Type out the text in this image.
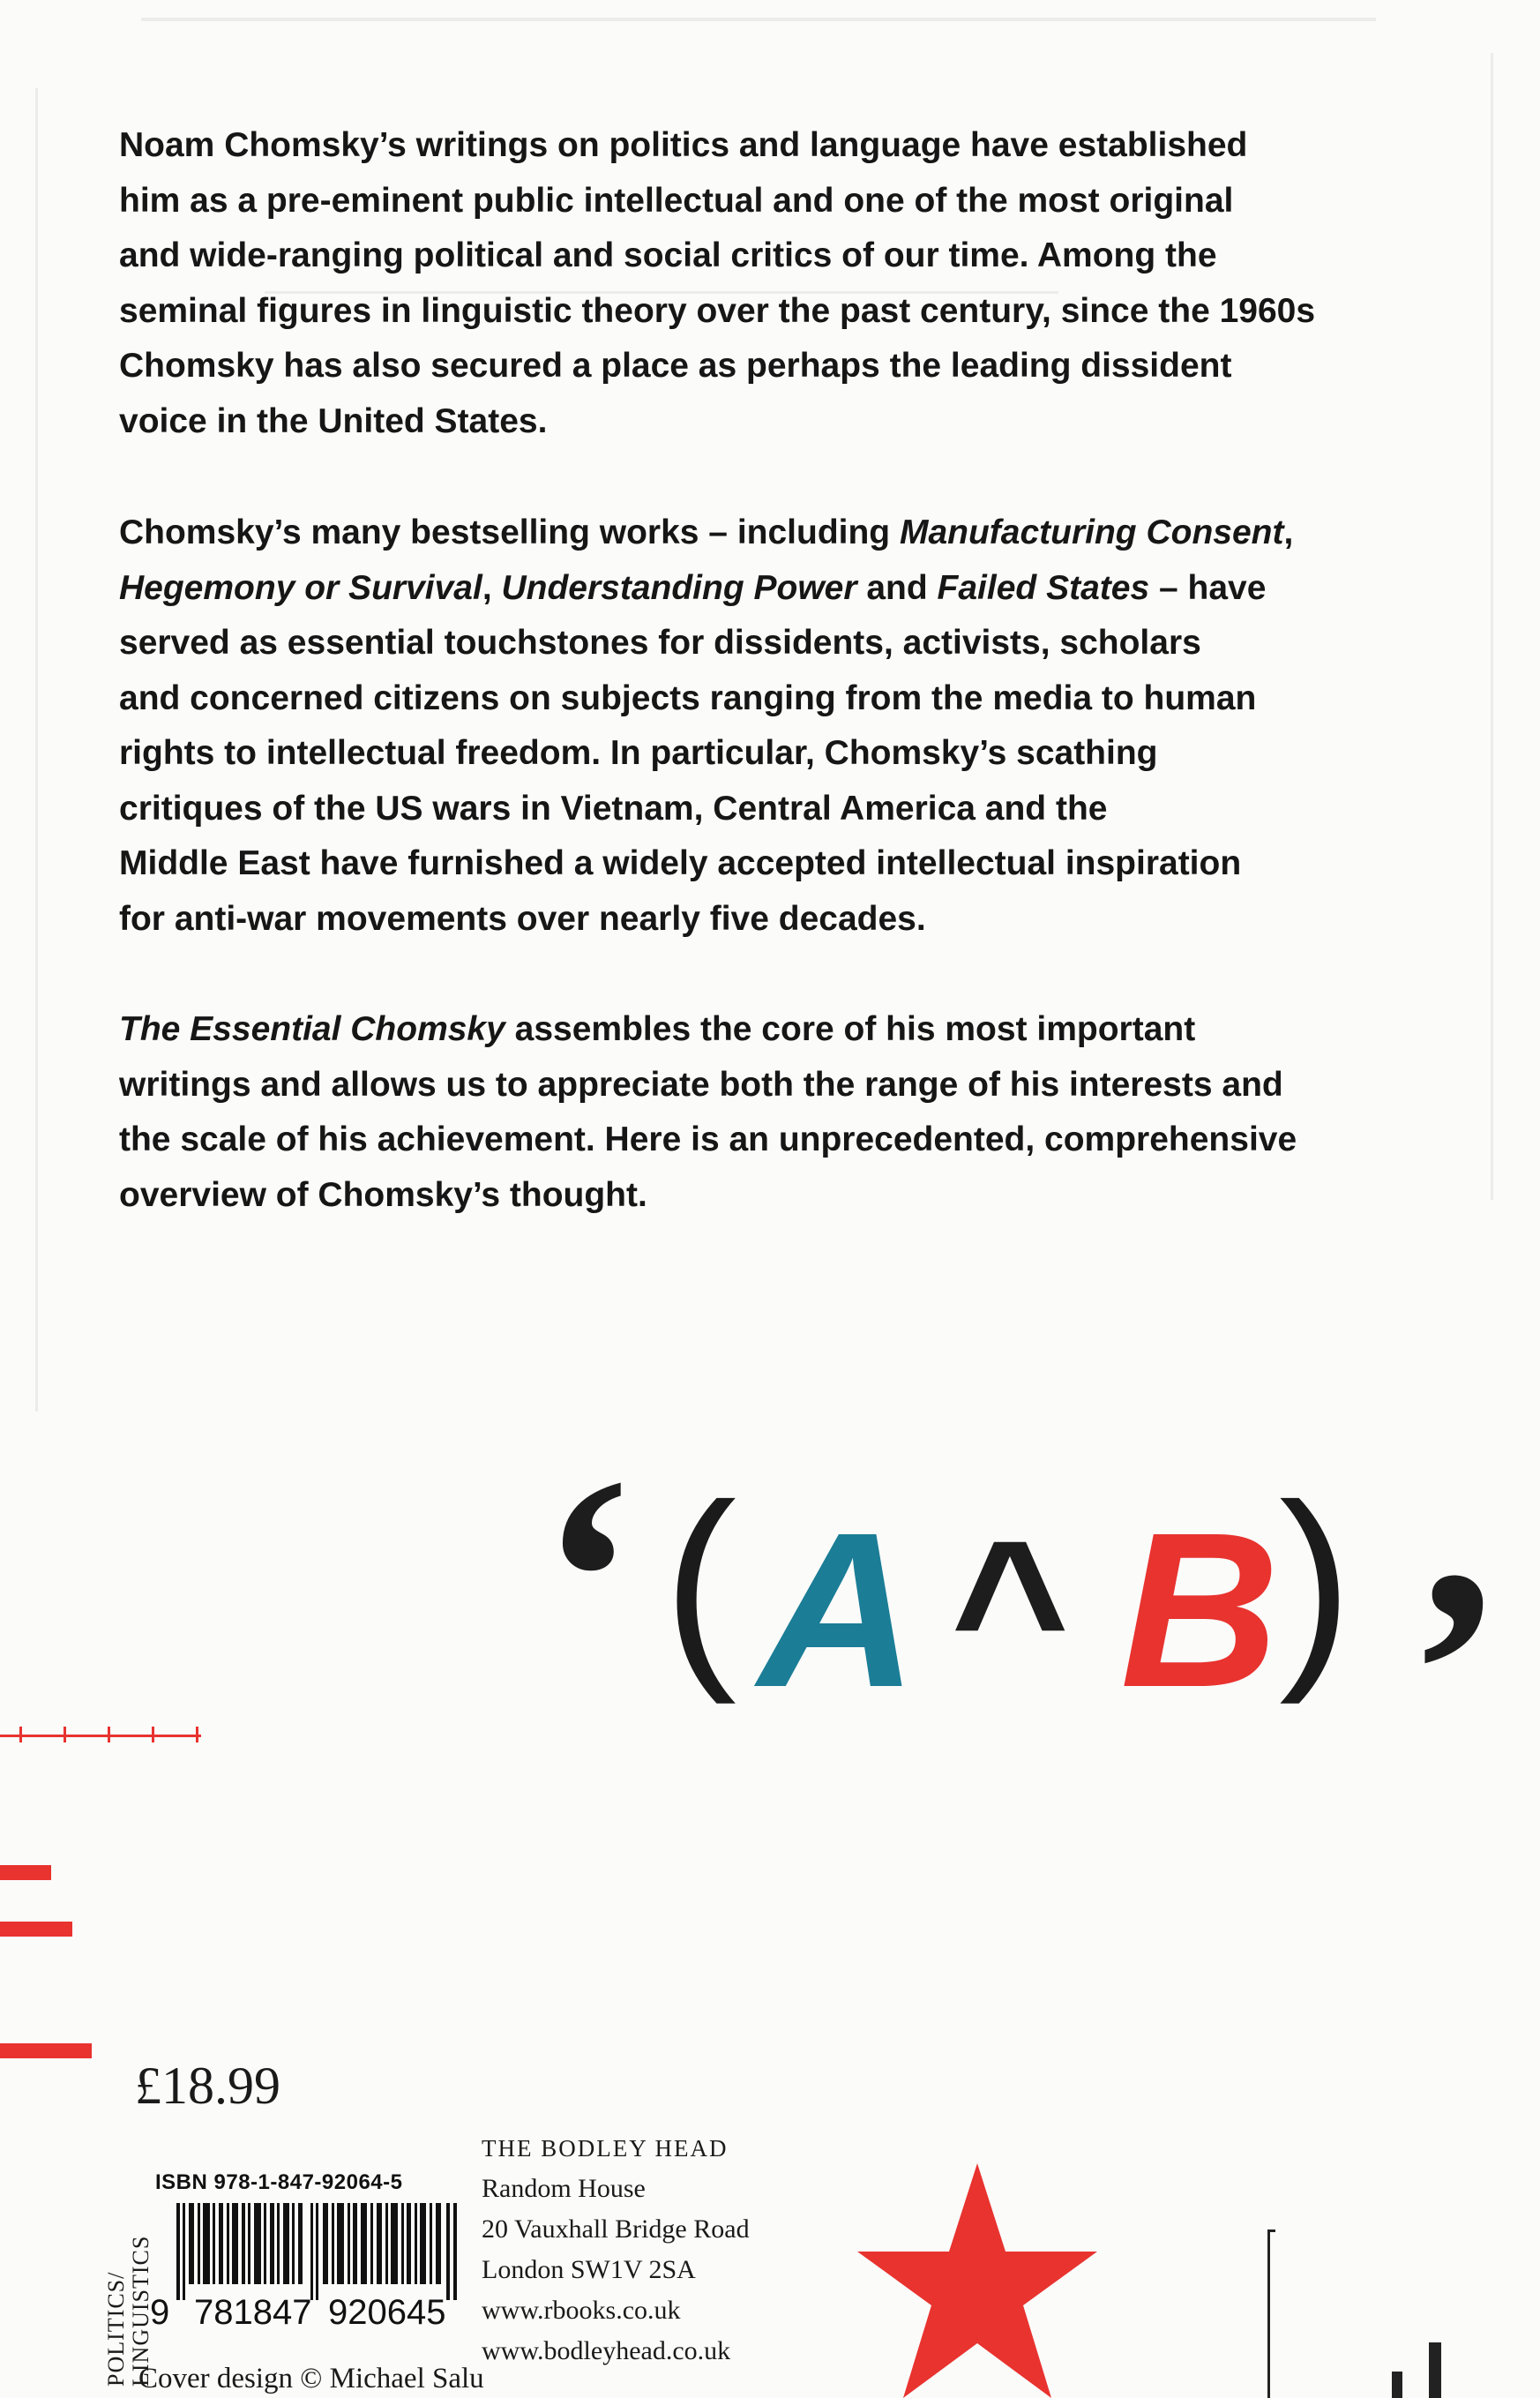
Noam Chomsky’s writings on politics and language have established
him as a pre-eminent public intellectual and one of the most original
and wide-ranging political and social critics of our time. Among the
seminal figures in linguistic theory over the past century, since the 1960s
Chomsky has also secured a place as perhaps the leading dissident
voice in the United States.
Chomsky’s many bestselling works – including Manufacturing Consent,
Hegemony or Survival, Understanding Power and Failed States – have
served as essential touchstones for dissidents, activists, scholars
and concerned citizens on subjects ranging from the media to human
rights to intellectual freedom. In particular, Chomsky’s scathing
critiques of the US wars in Vietnam, Central America and the
Middle East have furnished a widely accepted intellectual inspiration
for anti-war movements over nearly five decades.
The Essential Chomsky assembles the core of his most important
writings and allows us to appreciate both the range of his interests and
the scale of his achievement. Here is an unprecedented, comprehensive
overview of Chomsky’s thought.
‘ ( A ^ B ) ’
£18.99
POLITICS/ LINGUISTICS
ISBN 978-1-847-92064-5
9 781847 920645
THE BODLEY HEAD
Random House
20 Vauxhall Bridge Road
London SW1V 2SA
www.rbooks.co.uk
www.bodleyhead.co.uk
Cover design © Michael Salu
